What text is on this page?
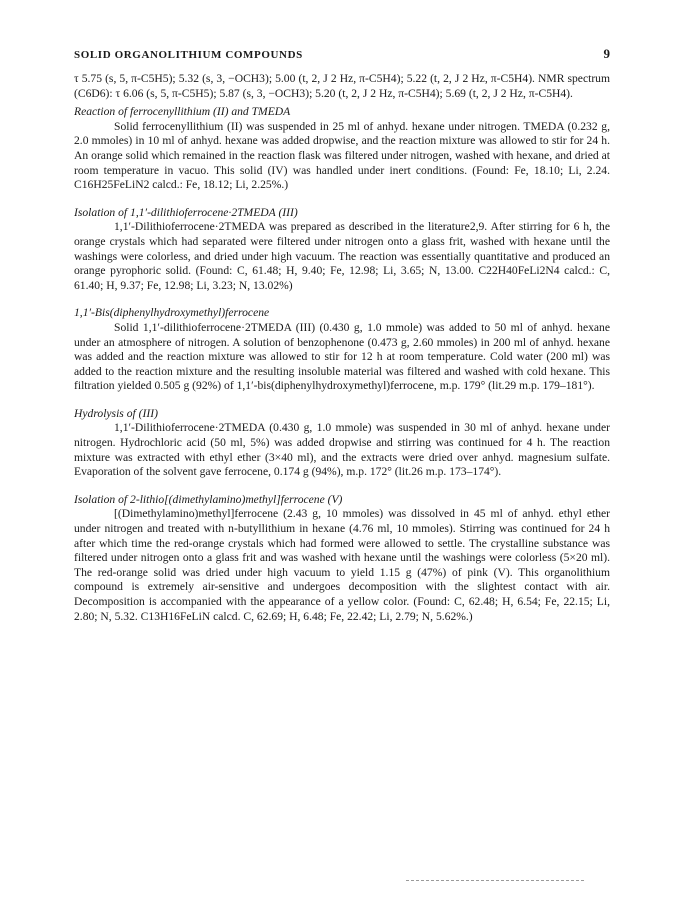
SOLID ORGANOLITHIUM COMPOUNDS	9

τ 5.75 (s, 5, π-C5H5); 5.32 (s, 3, −OCH3); 5.00 (t, 2, J 2 Hz, π-C5H4); 5.22 (t, 2, J 2 Hz, π-C5H4). NMR spectrum (C6D6): τ 6.06 (s, 5, π-C5H5); 5.87 (s, 3, −OCH3); 5.20 (t, 2, J 2 Hz, π-C5H4); 5.69 (t, 2, J 2 Hz, π-C5H4).

Reaction of ferrocenyllithium (II) and TMEDA

Solid ferrocenyllithium (II) was suspended in 25 ml of anhyd. hexane under nitrogen. TMEDA (0.232 g, 2.0 mmoles) in 10 ml of anhyd. hexane was added dropwise, and the reaction mixture was allowed to stir for 24 h. An orange solid which remained in the reaction flask was filtered under nitrogen, washed with hexane, and dried at room temperature in vacuo. This solid (IV) was handled under inert conditions. (Found: Fe, 18.10; Li, 2.24. C16H25FeLiN2 calcd.: Fe, 18.12; Li, 2.25%.)

Isolation of 1,1′-dilithioferrocene·2TMEDA (III)

1,1′-Dilithioferrocene·2TMEDA was prepared as described in the literature2,9. After stirring for 6 h, the orange crystals which had separated were filtered under nitrogen onto a glass frit, washed with hexane until the washings were colorless, and dried under high vacuum. The reaction was essentially quantitative and produced an orange pyrophoric solid. (Found: C, 61.48; H, 9.40; Fe, 12.98; Li, 3.65; N, 13.00. C22H40FeLi2N4 calcd.: C, 61.40; H, 9.37; Fe, 12.98; Li, 3.23; N, 13.02%)

1,1′-Bis(diphenylhydroxymethyl)ferrocene

Solid 1,1′-dilithioferrocene·2TMEDA (III) (0.430 g, 1.0 mmole) was added to 50 ml of anhyd. hexane under an atmosphere of nitrogen. A solution of benzophenone (0.473 g, 2.60 mmoles) in 200 ml of anhyd. hexane was added and the reaction mixture was allowed to stir for 12 h at room temperature. Cold water (200 ml) was added to the reaction mixture and the resulting insoluble material was filtered and washed with cold hexane. This filtration yielded 0.505 g (92%) of 1,1′-bis(diphenylhydroxymethyl)ferrocene, m.p. 179° (lit.29 m.p. 179–181°).

Hydrolysis of (III)

1,1′-Dilithioferrocene·2TMEDA (0.430 g, 1.0 mmole) was suspended in 30 ml of anhyd. hexane under nitrogen. Hydrochloric acid (50 ml, 5%) was added dropwise and stirring was continued for 4 h. The reaction mixture was extracted with ethyl ether (3×40 ml), and the extracts were dried over anhyd. magnesium sulfate. Evaporation of the solvent gave ferrocene, 0.174 g (94%), m.p. 172° (lit.26 m.p. 173–174°).

Isolation of 2-lithio[(dimethylamino)methyl]ferrocene (V)

[(Dimethylamino)methyl]ferrocene (2.43 g, 10 mmoles) was dissolved in 45 ml of anhyd. ethyl ether under nitrogen and treated with n-butyllithium in hexane (4.76 ml, 10 mmoles). Stirring was continued for 24 h after which time the red-orange crystals which had formed were allowed to settle. The crystalline substance was filtered under nitrogen onto a glass frit and was washed with hexane until the washings were colorless (5×20 ml). The red-orange solid was dried under high vacuum to yield 1.15 g (47%) of pink (V). This organolithium compound is extremely air-sensitive and undergoes decomposition with the slightest contact with air. Decomposition is accompanied with the appearance of a yellow color. (Found: C, 62.48; H, 6.54; Fe, 22.15; Li, 2.80; N, 5.32. C13H16FeLiN calcd. C, 62.69; H, 6.48; Fe, 22.42; Li, 2.79; N, 5.62%.)
